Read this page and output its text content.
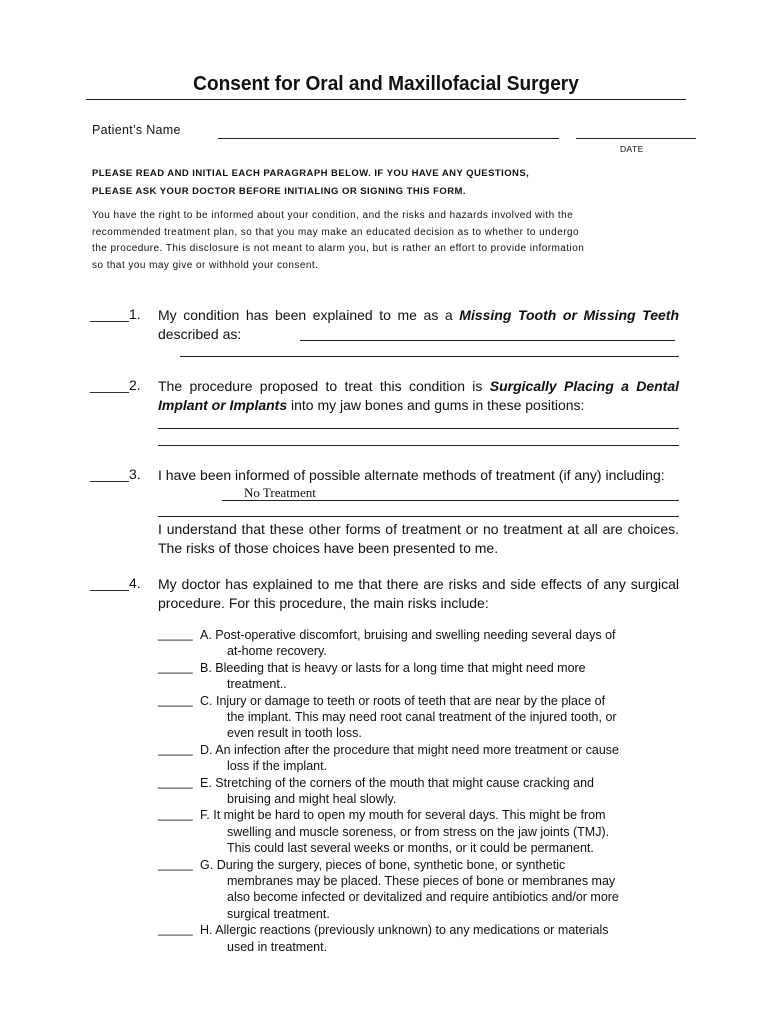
Consent for Oral and Maxillofacial Surgery
Patient’s Name
DATE
PLEASE READ AND INITIAL EACH PARAGRAPH BELOW. IF YOU HAVE ANY QUESTIONS,
PLEASE ASK YOUR DOCTOR BEFORE INITIALING OR SIGNING THIS FORM.
You have the right to be informed about your condition, and the risks and hazards involved with the
recommended treatment plan, so that you may make an educated decision as to whether to undergo
the procedure. This disclosure is not meant to alarm you, but is rather an effort to provide information
so that you may give or withhold your consent.
_____1. My condition has been explained to me as a Missing Tooth or Missing Teeth described as:
_____2. The procedure proposed to treat this condition is Surgically Placing a Dental Implant or Implants into my jaw bones and gums in these positions:
_____3. I have been informed of possible alternate methods of treatment (if any) including:
No Treatment
I understand that these other forms of treatment or no treatment at all are choices. The risks of those choices have been presented to me.
_____4. My doctor has explained to me that there are risks and side effects of any surgical procedure. For this procedure, the main risks include:
_____ A. Post-operative discomfort, bruising and swelling needing several days of
at-home recovery.
_____ B. Bleeding that is heavy or lasts for a long time that might need more
treatment..
_____ C. Injury or damage to teeth or roots of teeth that are near by the place of
the implant. This may need root canal treatment of the injured tooth, or
even result in tooth loss.
_____ D. An infection after the procedure that might need more treatment or cause
loss if the implant.
_____ E. Stretching of the corners of the mouth that might cause cracking and
bruising and might heal slowly.
_____ F. It might be hard to open my mouth for several days. This might be from
swelling and muscle soreness, or from stress on the jaw joints (TMJ).
This could last several weeks or months, or it could be permanent.
_____ G. During the surgery, pieces of bone, synthetic bone, or synthetic
membranes may be placed. These pieces of bone or membranes may
also become infected or devitalized and require antibiotics and/or more
surgical treatment.
_____ H. Allergic reactions (previously unknown) to any medications or materials
used in treatment.
